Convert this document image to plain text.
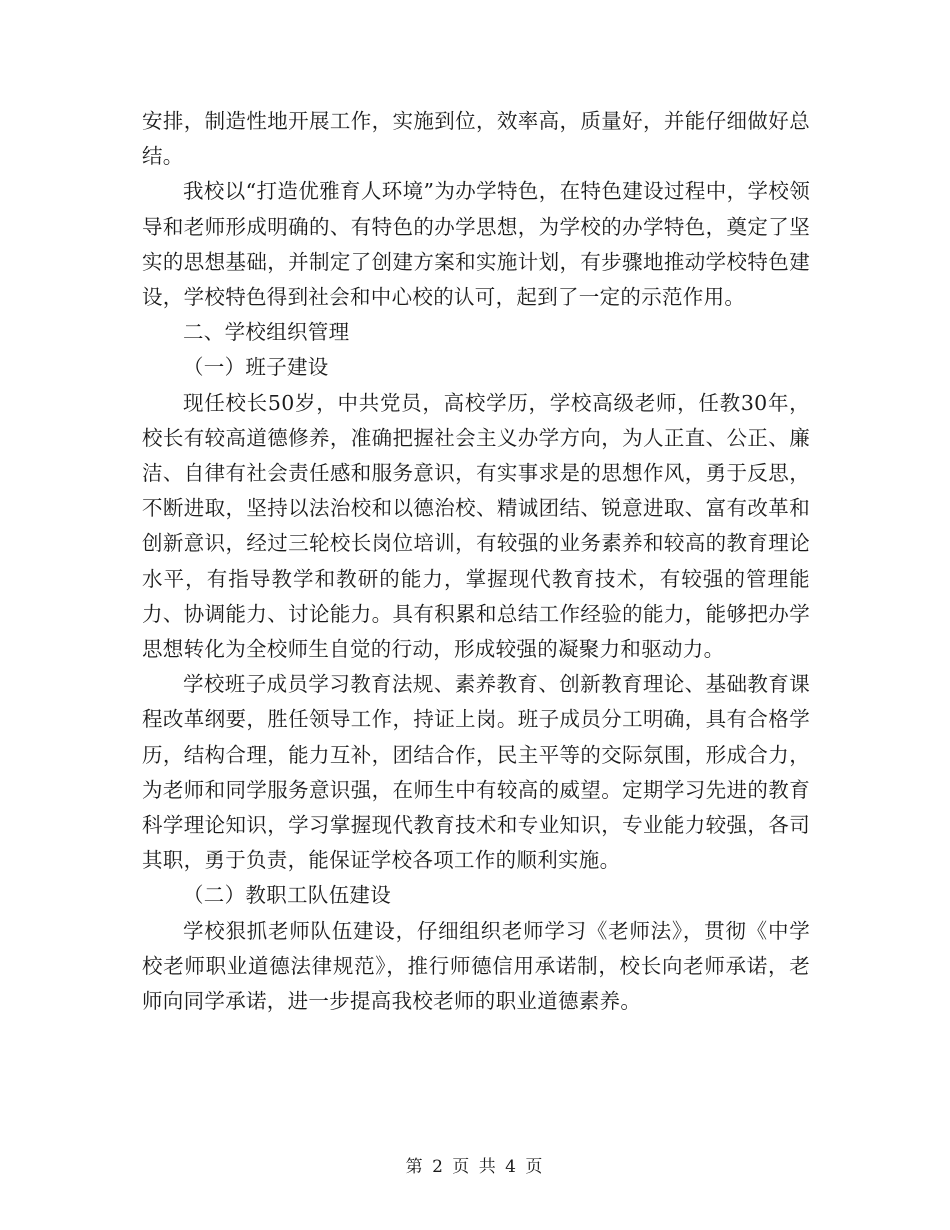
安排，制造性地开展工作，实施到位，效率高，质量好，并能仔细做好总结。

我校以“打造优雅育人环境”为办学特色，在特色建设过程中，学校领导和老师形成明确的、有特色的办学思想，为学校的办学特色，奠定了坚实的思想基础，并制定了创建方案和实施计划，有步骤地推动学校特色建设，学校特色得到社会和中心校的认可，起到了一定的示范作用。

二、学校组织管理

（一）班子建设

现任校长50岁，中共党员，高校学历，学校高级老师，任教30年，校长有较高道德修养，准确把握社会主义办学方向，为人正直、公正、廉洁、自律有社会责任感和服务意识，有实事求是的思想作风，勇于反思，不断进取，坚持以法治校和以德治校、精诚团结、锐意进取、富有改革和创新意识，经过三轮校长岗位培训，有较强的业务素养和较高的教育理论水平，有指导教学和教研的能力，掌握现代教育技术，有较强的管理能力、协调能力、讨论能力。具有积累和总结工作经验的能力，能够把办学思想转化为全校师生自觉的行动，形成较强的凝聚力和驱动力。

学校班子成员学习教育法规、素养教育、创新教育理论、基础教育课程改革纲要，胜任领导工作，持证上岗。班子成员分工明确，具有合格学历，结构合理，能力互补，团结合作，民主平等的交际氛围，形成合力，为老师和同学服务意识强，在师生中有较高的威望。定期学习先进的教育科学理论知识，学习掌握现代教育技术和专业知识，专业能力较强，各司其职，勇于负责，能保证学校各项工作的顺利实施。

（二）教职工队伍建设

学校狠抓老师队伍建设，仔细组织老师学习《老师法》，贯彻《中学校老师职业道德法律规范》，推行师德信用承诺制，校长向老师承诺，老师向同学承诺，进一步提高我校老师的职业道德素养。

第 2 页 共 4 页
